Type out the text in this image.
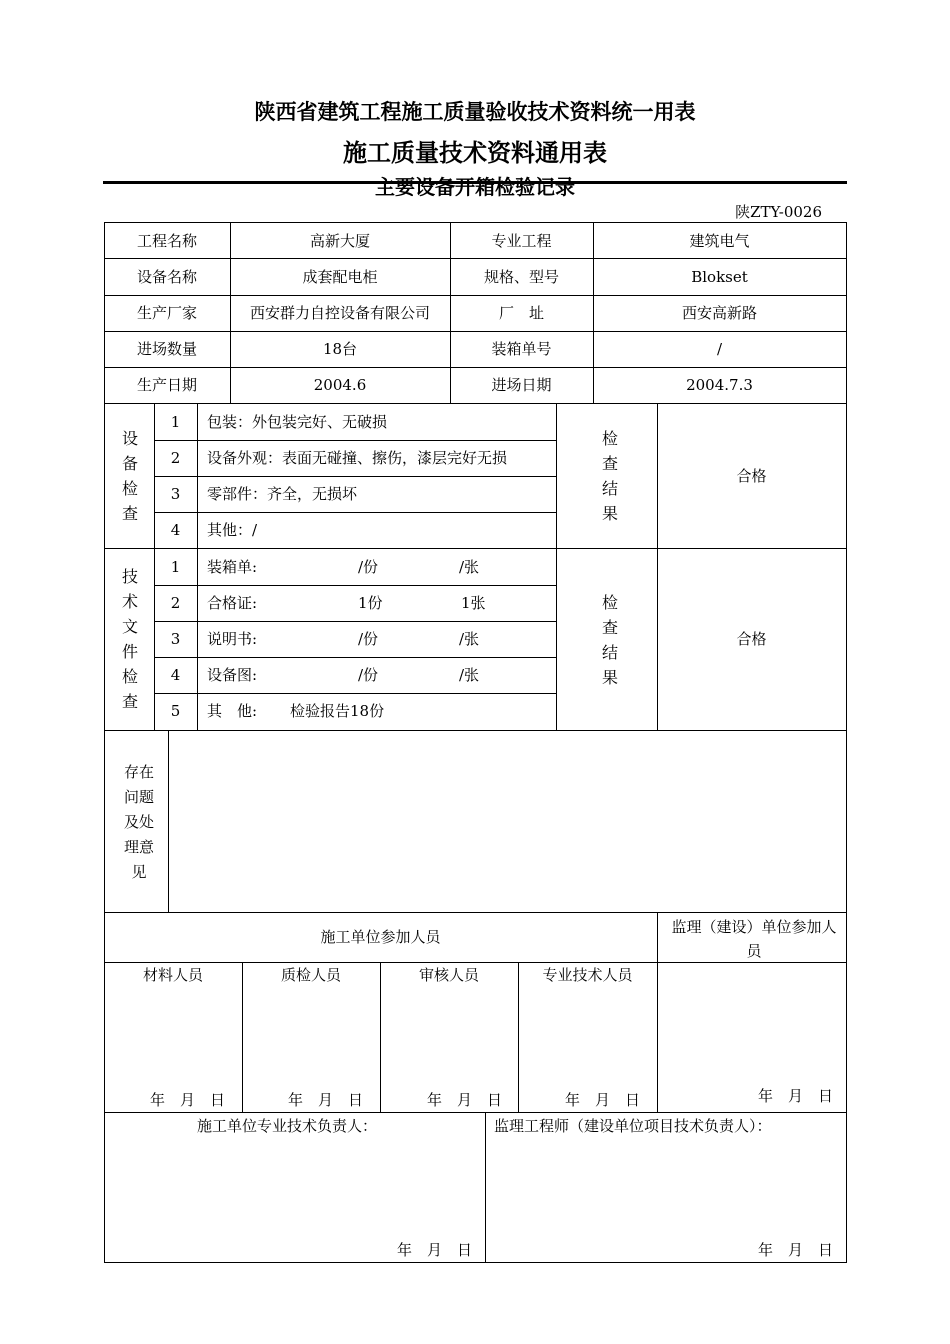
陕西省建筑工程施工质量验收技术资料统一用表
施工质量技术资料通用表
主要设备开箱检验记录
陕ZTY-0026
工程名称	高新大厦	专业工程	建筑电气
设备名称	成套配电柜	规格、型号	Blokset
生产厂家	西安群力自控设备有限公司	厂　址	西安高新路
进场数量	18台	装箱单号	/
生产日期	2004.6	进场日期	2004.7.3
设备检查
检查结果
合格
1	包装：外包装完好、无破损
2	设备外观：表面无碰撞、擦伤，漆层完好无损
3	零部件：齐全，无损坏
4	其他：/
技术文件检查
检查结果
合格
1	装箱单:	/份	/张
2	合格证:	1份	1张
3	说明书:	/份	/张
4	设备图:	/份	/张
5	其　他: 检验报告18份
存在问题及处理意见
施工单位参加人员
监理（建设）单位参加人员
材料人员	质检人员	审核人员	专业技术人员
年　月　日	年　月　日	年　月　日	年　月　日	年　月　日
施工单位专业技术负责人：	监理工程师（建设单位项目技术负责人）：
年　月　日	年　月　日
